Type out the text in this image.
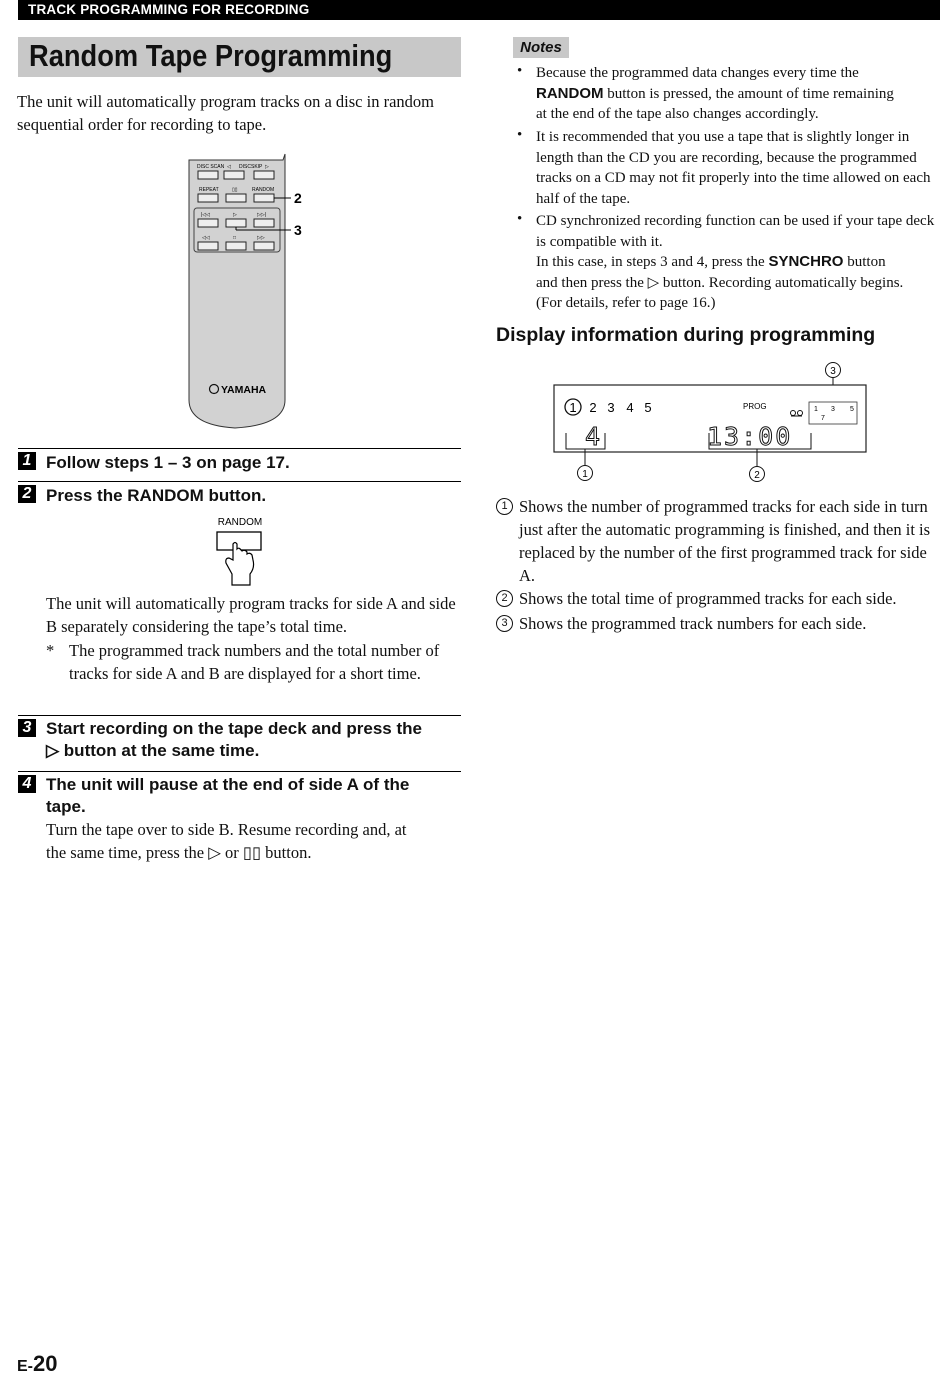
TRACK PROGRAMMING FOR RECORDING
Random Tape Programming
The unit will automatically program tracks on a disc in random sequential order for recording to tape.
DISC SCAN ◁ DISC SKIP ▷
REPEAT	▯▯	RANDOM 2
|◁◁	▷	▷▷|
3
◁◁	□	▷▷
YAMAHA
1 Follow steps 1 – 3 on page 17.
2 Press the RANDOM button.
RANDOM
The unit will automatically program tracks for side A and side B separately considering the tape’s total time.
* The programmed track numbers and the total number of tracks for side A and B are displayed for a short time.
3 Start recording on the tape deck and press the
▷ button at the same time.
4 The unit will pause at the end of side A of the
tape.
Turn the tape over to side B. Resume recording and, at
the same time, press the ▷ or ▯▯ button.
Notes
• Because the programmed data changes every time the
RANDOM button is pressed, the amount of time remaining
at the end of the tape also changes accordingly.
• It is recommended that you use a tape that is slightly longer in length than the CD you are recording, because the programmed tracks on a CD may not fit properly into the time allowed on each half of the tape.
• CD synchronized recording function can be used if your tape deck is compatible with it.
In this case, in steps 3 and 4, press the SYNCHRO button
and then press the ▷ button. Recording automatically begins.
(For details, refer to page 16.)
Display information during programming
3
1 2 3 4 5	PROG	1 3 5
7
4	13:00
1	2
1 Shows the number of programmed tracks for each side in turn just after the automatic programming is finished, and then it is replaced by the number of the first programmed track for side A.
2 Shows the total time of programmed tracks for each side.
3 Shows the programmed track numbers for each side.
E-20
